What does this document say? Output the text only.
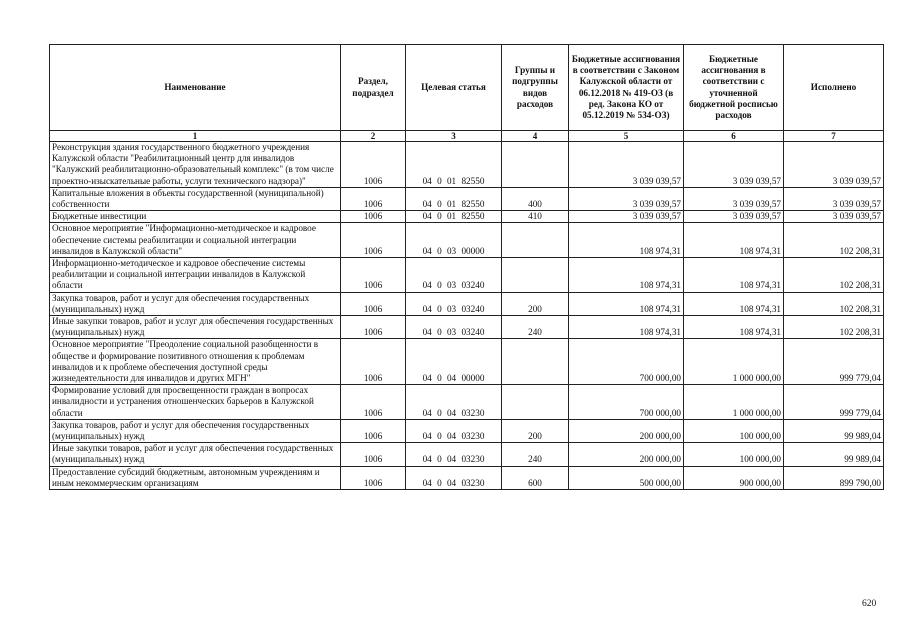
Наименование	Раздел, подраздел	Целевая статья	Группы и подгруппы видов расходов	Бюджетные ассигнования в соответствии с Законом Калужской области от 06.12.2018 № 419-ОЗ (в ред. Закона КО от 05.12.2019 № 534-ОЗ)	Бюджетные ассигнования в соответствии с уточненной бюджетной росписью расходов	Исполнено
1	2	3	4	5	6	7
Реконструкция здания государственного бюджетного учреждения Калужской области "Реабилитационный центр для инвалидов "Калужский реабилитационно-образовательный комплекс" (в том числе проектно-изыскательные работы, услуги технического надзора)"	1006	04 0 01 82550		3 039 039,57	3 039 039,57	3 039 039,57
Капитальные вложения в объекты государственной (муниципальной) собственности	1006	04 0 01 82550	400	3 039 039,57	3 039 039,57	3 039 039,57
Бюджетные инвестиции	1006	04 0 01 82550	410	3 039 039,57	3 039 039,57	3 039 039,57
Основное мероприятие "Информационно-методическое и кадровое обеспечение системы реабилитации и социальной интеграции инвалидов в Калужской области"	1006	04 0 03 00000		108 974,31	108 974,31	102 208,31
Информационно-методическое и кадровое обеспечение системы реабилитации и социальной интеграции инвалидов в Калужской области	1006	04 0 03 03240		108 974,31	108 974,31	102 208,31
Закупка товаров, работ и услуг для обеспечения государственных (муниципальных) нужд	1006	04 0 03 03240	200	108 974,31	108 974,31	102 208,31
Иные закупки товаров, работ и услуг для обеспечения государственных (муниципальных) нужд	1006	04 0 03 03240	240	108 974,31	108 974,31	102 208,31
Основное мероприятие "Преодоление социальной разобщенности в обществе и формирование позитивного отношения к проблемам инвалидов и к проблеме обеспечения доступной среды жизнедеятельности для инвалидов и других МГН"	1006	04 0 04 00000		700 000,00	1 000 000,00	999 779,04
Формирование условий для просвещенности граждан в вопросах инвалидности и устранения отношенческих барьеров в Калужской области	1006	04 0 04 03230		700 000,00	1 000 000,00	999 779,04
Закупка товаров, работ и услуг для обеспечения государственных (муниципальных) нужд	1006	04 0 04 03230	200	200 000,00	100 000,00	99 989,04
Иные закупки товаров, работ и услуг для обеспечения государственных (муниципальных) нужд	1006	04 0 04 03230	240	200 000,00	100 000,00	99 989,04
Предоставление субсидий бюджетным, автономным учреждениям и иным некоммерческим организациям	1006	04 0 04 03230	600	500 000,00	900 000,00	899 790,00
620
